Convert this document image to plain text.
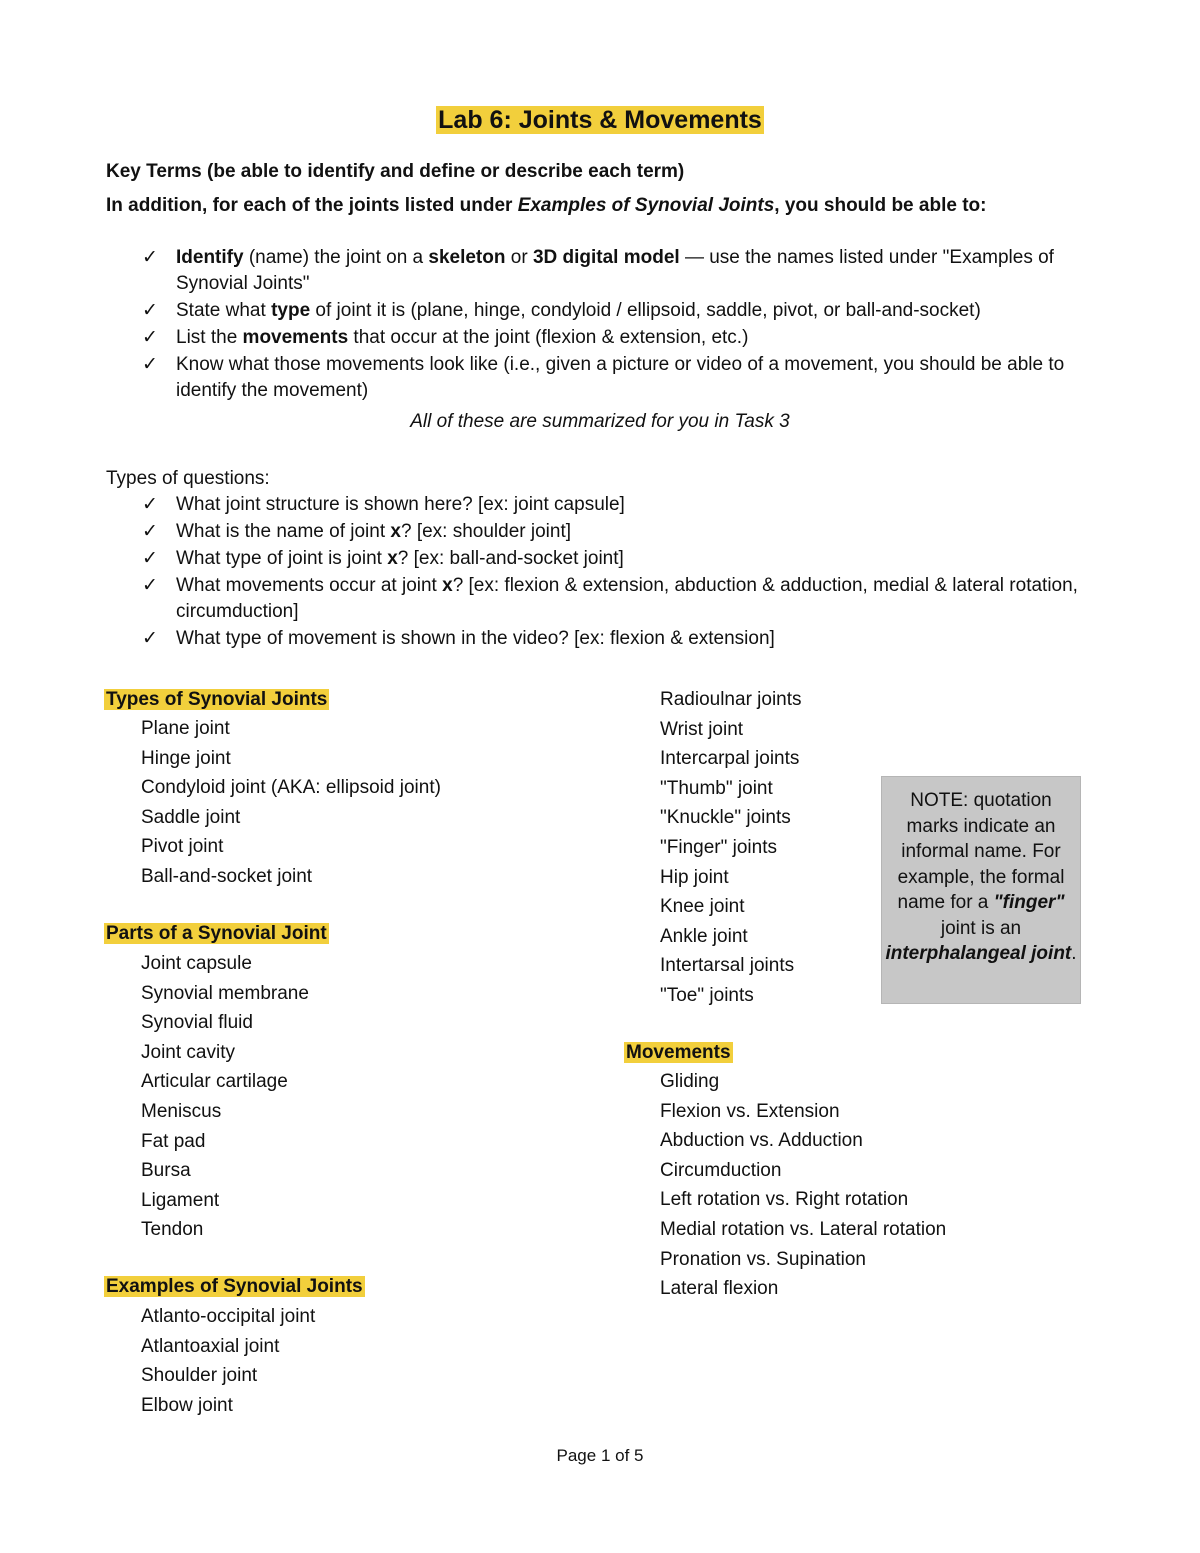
Lab 6: Joints & Movements

Key Terms (be able to identify and define or describe each term)

In addition, for each of the joints listed under Examples of Synovial Joints, you should be able to:

✓ Identify (name) the joint on a skeleton or 3D digital model — use the names listed under "Examples of Synovial Joints"
✓ State what type of joint it is (plane, hinge, condyloid / ellipsoid, saddle, pivot, or ball-and-socket)
✓ List the movements that occur at the joint (flexion & extension, etc.)
✓ Know what those movements look like (i.e., given a picture or video of a movement, you should be able to identify the movement)
All of these are summarized for you in Task 3

Types of questions:

✓ What joint structure is shown here? [ex: joint capsule]
✓ What is the name of joint x? [ex: shoulder joint]
✓ What type of joint is joint x? [ex: ball-and-socket joint]
✓ What movements occur at joint x? [ex: flexion & extension, abduction & adduction, medial & lateral rotation, circumduction]
✓ What type of movement is shown in the video? [ex: flexion & extension]
Types of Synovial Joints
Plane joint
Hinge joint
Condyloid joint (AKA: ellipsoid joint)
Saddle joint
Pivot joint
Ball-and-socket joint
Parts of a Synovial Joint
Joint capsule
Synovial membrane
Synovial fluid
Joint cavity
Articular cartilage
Meniscus
Fat pad
Bursa
Ligament
Tendon
Examples of Synovial Joints
Atlanto-occipital joint
Atlantoaxial joint
Shoulder joint
Elbow joint
Radioulnar joints
Wrist joint
Intercarpal joints
"Thumb" joint
"Knuckle" joints
"Finger" joints
Hip joint
Knee joint
Ankle joint
Intertarsal joints
"Toe" joints
Movements
Gliding
Flexion vs. Extension
Abduction vs. Adduction
Circumduction
Left rotation vs. Right rotation
Medial rotation vs. Lateral rotation
Pronation vs. Supination
Lateral flexion
NOTE: quotation marks indicate an informal name. For example, the formal name for a "finger" joint is an interphalangeal joint.
Page 1 of 5
